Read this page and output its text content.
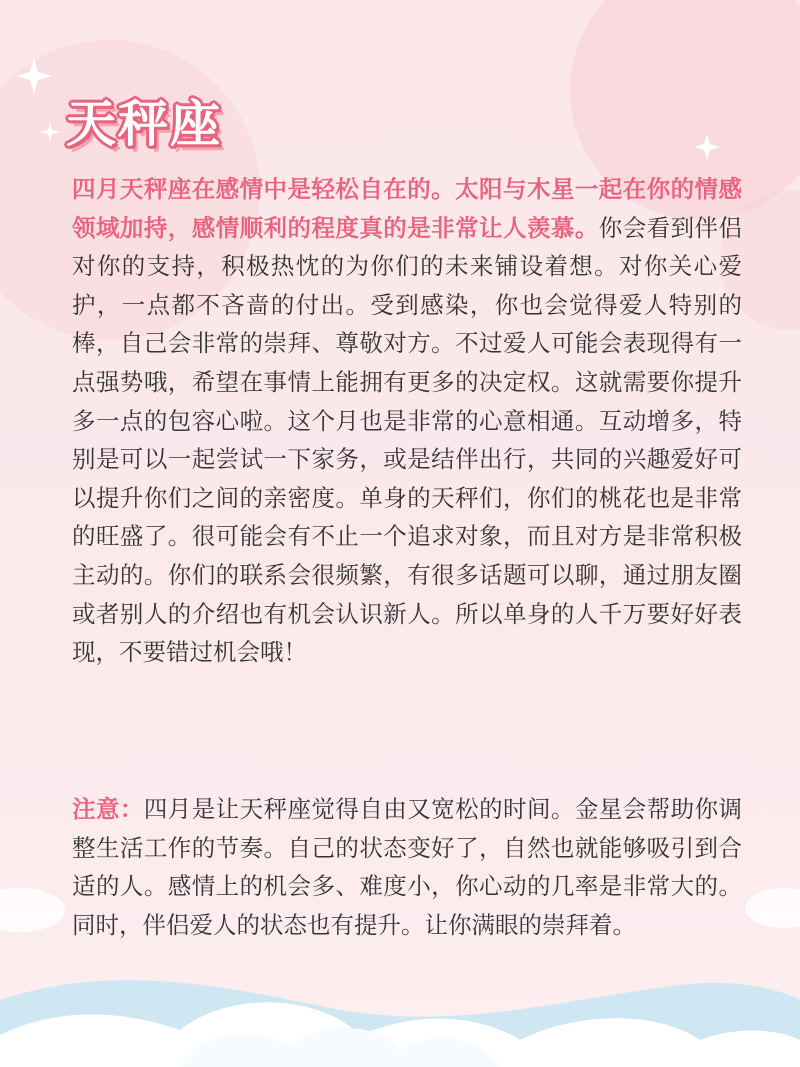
天秤座

四月天秤座在感情中是轻松自在的。太阳与木星一起在你的情感领域加持，感情顺利的程度真的是非常让人羡慕。你会看到伴侣对你的支持，积极热忱的为你们的未来铺设着想。对你关心爱护，一点都不吝啬的付出。受到感染，你也会觉得爱人特别的棒，自己会非常的崇拜、尊敬对方。不过爱人可能会表现得有一点强势哦，希望在事情上能拥有更多的决定权。这就需要你提升多一点的包容心啦。这个月也是非常的心意相通。互动增多，特别是可以一起尝试一下家务，或是结伴出行，共同的兴趣爱好可以提升你们之间的亲密度。单身的天秤们，你们的桃花也是非常的旺盛了。很可能会有不止一个追求对象，而且对方是非常积极主动的。你们的联系会很频繁，有很多话题可以聊，通过朋友圈或者别人的介绍也有机会认识新人。所以单身的人千万要好好表现，不要错过机会哦！

注意：四月是让天秤座觉得自由又宽松的时间。金星会帮助你调整生活工作的节奏。自己的状态变好了，自然也就能够吸引到合适的人。感情上的机会多、难度小，你心动的几率是非常大的。同时，伴侣爱人的状态也有提升。让你满眼的崇拜着。
